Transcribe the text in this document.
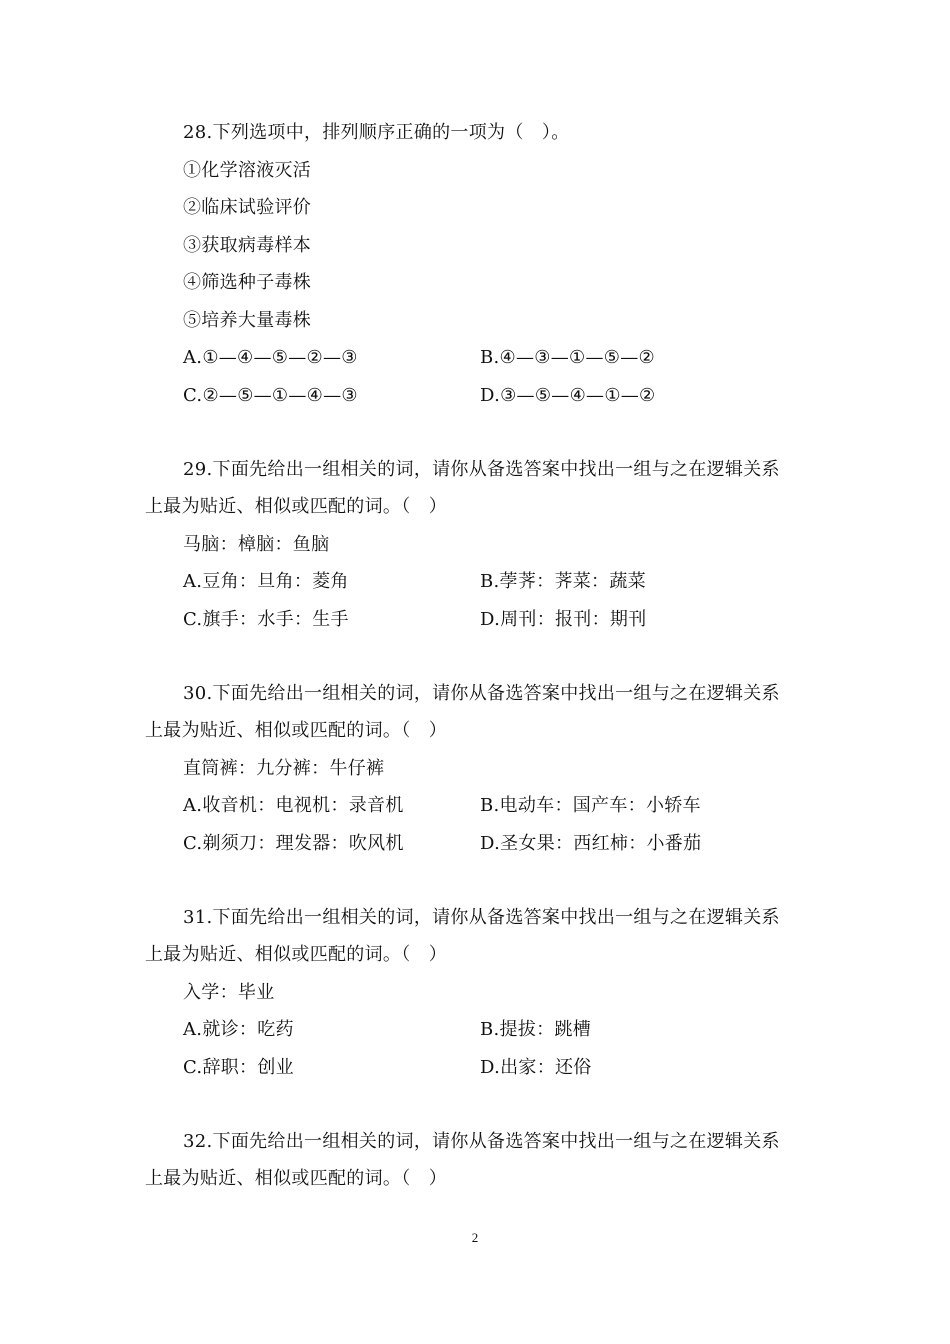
28.下列选项中，排列顺序正确的一项为（　）。
①化学溶液灭活
②临床试验评价
③获取病毒样本
④筛选种子毒株
⑤培养大量毒株
A.①—④—⑤—②—③	B.④—③—①—⑤—②
C.②—⑤—①—④—③	D.③—⑤—④—①—②
29.下面先给出一组相关的词，请你从备选答案中找出一组与之在逻辑关系
上最为贴近、相似或匹配的词。（　）
马脑：樟脑：鱼脑
A.豆角：旦角：菱角	B.荸荠：荠菜：蔬菜
C.旗手：水手：生手	D.周刊：报刊：期刊
30.下面先给出一组相关的词，请你从备选答案中找出一组与之在逻辑关系
上最为贴近、相似或匹配的词。（　）
直筒裤：九分裤：牛仔裤
A.收音机：电视机：录音机	B.电动车：国产车：小轿车
C.剃须刀：理发器：吹风机	D.圣女果：西红柿：小番茄
31.下面先给出一组相关的词，请你从备选答案中找出一组与之在逻辑关系
上最为贴近、相似或匹配的词。（　）
入学：毕业
A.就诊：吃药	B.提拔：跳槽
C.辞职：创业	D.出家：还俗
32.下面先给出一组相关的词，请你从备选答案中找出一组与之在逻辑关系
上最为贴近、相似或匹配的词。（　）
2
